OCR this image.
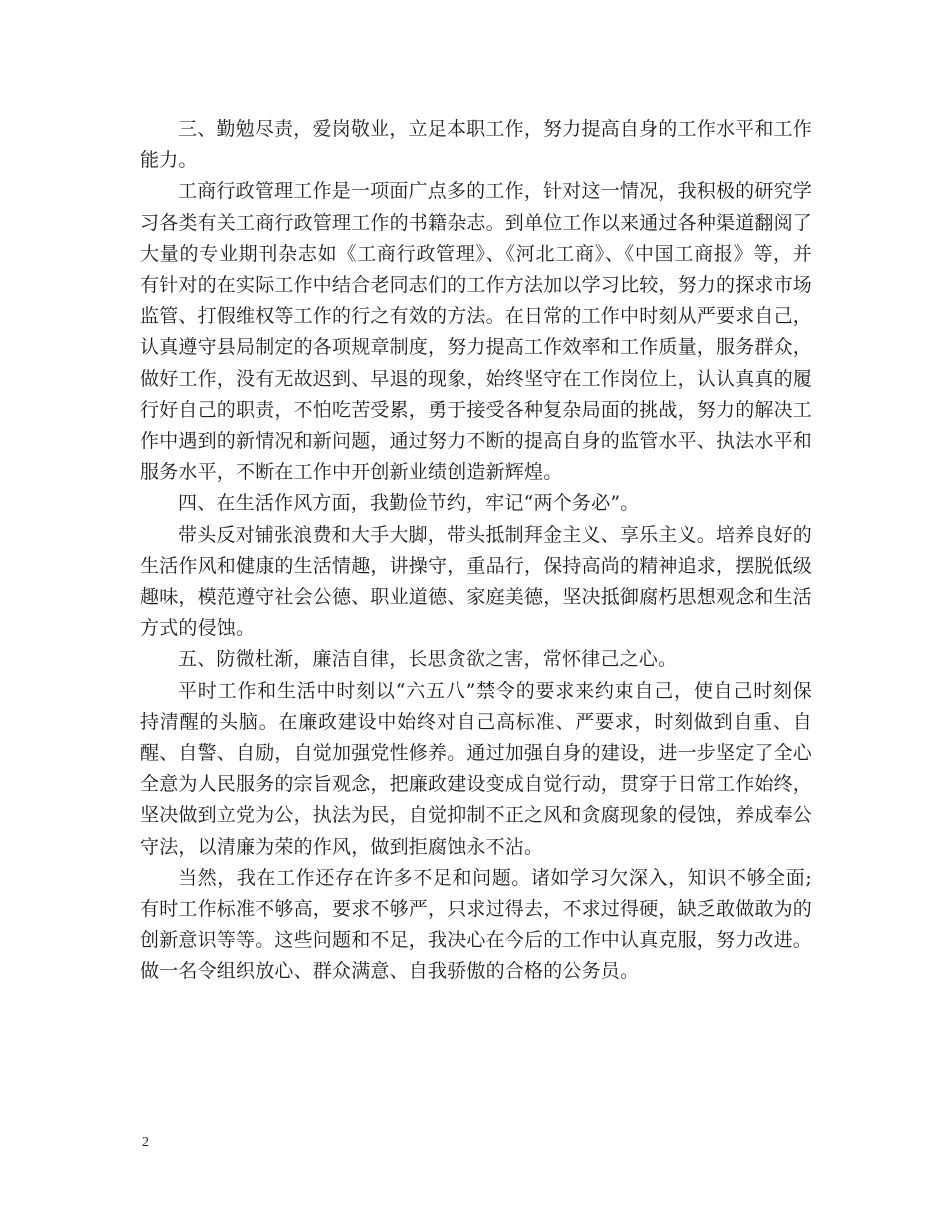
三、勤勉尽责，爱岗敬业，立足本职工作，努力提高自身的工作水平和工作能力。

工商行政管理工作是一项面广点多的工作，针对这一情况，我积极的研究学习各类有关工商行政管理工作的书籍杂志。到单位工作以来通过各种渠道翻阅了大量的专业期刊杂志如《工商行政管理》、《河北工商》、《中国工商报》等，并有针对的在实际工作中结合老同志们的工作方法加以学习比较，努力的探求市场监管、打假维权等工作的行之有效的方法。在日常的工作中时刻从严要求自己，认真遵守县局制定的各项规章制度，努力提高工作效率和工作质量，服务群众，做好工作，没有无故迟到、早退的现象，始终坚守在工作岗位上，认认真真的履行好自己的职责，不怕吃苦受累，勇于接受各种复杂局面的挑战，努力的解决工作中遇到的新情况和新问题，通过努力不断的提高自身的监管水平、执法水平和服务水平，不断在工作中开创新业绩创造新辉煌。

四、在生活作风方面，我勤俭节约，牢记“两个务必”。

带头反对铺张浪费和大手大脚，带头抵制拜金主义、享乐主义。培养良好的生活作风和健康的生活情趣，讲操守，重品行，保持高尚的精神追求，摆脱低级趣味，模范遵守社会公德、职业道德、家庭美德，坚决抵御腐朽思想观念和生活方式的侵蚀。

五、防微杜渐，廉洁自律，长思贪欲之害，常怀律己之心。

平时工作和生活中时刻以“六五八”禁令的要求来约束自己，使自己时刻保持清醒的头脑。在廉政建设中始终对自己高标准、严要求，时刻做到自重、自醒、自警、自励，自觉加强党性修养。通过加强自身的建设，进一步坚定了全心全意为人民服务的宗旨观念，把廉政建设变成自觉行动，贯穿于日常工作始终，坚决做到立党为公，执法为民，自觉抑制不正之风和贪腐现象的侵蚀，养成奉公守法，以清廉为荣的作风，做到拒腐蚀永不沾。

当然，我在工作还存在许多不足和问题。诸如学习欠深入，知识不够全面;有时工作标准不够高，要求不够严，只求过得去，不求过得硬，缺乏敢做敢为的创新意识等等。这些问题和不足，我决心在今后的工作中认真克服，努力改进。做一名令组织放心、群众满意、自我骄傲的合格的公务员。

2
